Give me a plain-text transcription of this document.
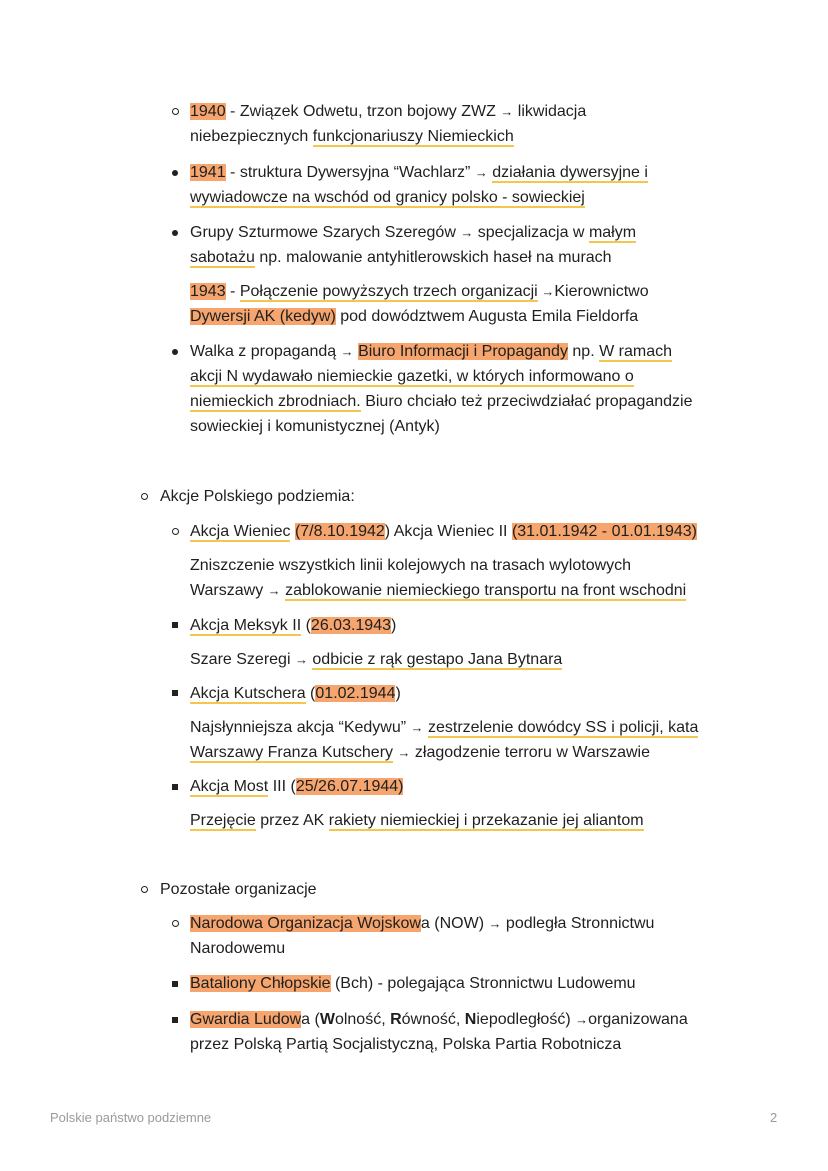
1940 - Związek Odwetu, trzon bojowy ZWZ → likwidacja
niebezpiecznych funkcjonariuszy Niemieckich
1941 - struktura Dywersyjna “Wachlarz” → działania dywersyjne i
wywiadowcze na wschód od granicy polsko - sowieckiej
Grupy Szturmowe Szarych Szeregów → specjalizacja w małym
sabotażu np. malowanie antyhitlerowskich haseł na murach
1943 - Połączenie powyższych trzech organizacji →Kierownictwo
Dywersji AK (kedyw) pod dowództwem Augusta Emila Fieldorfa
Walka z propagandą → Biuro Informacji i Propagandy np. W ramach
akcji N wydawało niemieckie gazetki, w których informowano o
niemieckich zbrodniach. Biuro chciało też przeciwdziałać propagandzie
sowieckiej i komunistycznej (Antyk)
Akcje Polskiego podziemia:
Akcja Wieniec (7/8.10.1942) Akcja Wieniec II (31.01.1942 - 01.01.1943)
Zniszczenie wszystkich linii kolejowych na trasach wylotowych
Warszawy → zablokowanie niemieckiego transportu na front wschodni
Akcja Meksyk II (26.03.1943)
Szare Szeregi → odbicie z rąk gestapo Jana Bytnara
Akcja Kutschera (01.02.1944)
Najsłynniejsza akcja “Kedywu” → zestrzelenie dowódcy SS i policji, kata
Warszawy Franza Kutschery → złagodzenie terroru w Warszawie
Akcja Most III (25/26.07.1944)
Przejęcie przez AK rakiety niemieckiej i przekazanie jej aliantom
Pozostałe organizacje
Narodowa Organizacja Wojskowa (NOW) → podległa Stronnictwu
Narodowemu
Bataliony Chłopskie (Bch) - polegająca Stronnictwu Ludowemu
Gwardia Ludowa (Wolność, Równość, Niepodległość) →organizowana
przez Polską Partią Socjalistyczną, Polska Partia Robotnicza
Polskie państwo podziemne	2
